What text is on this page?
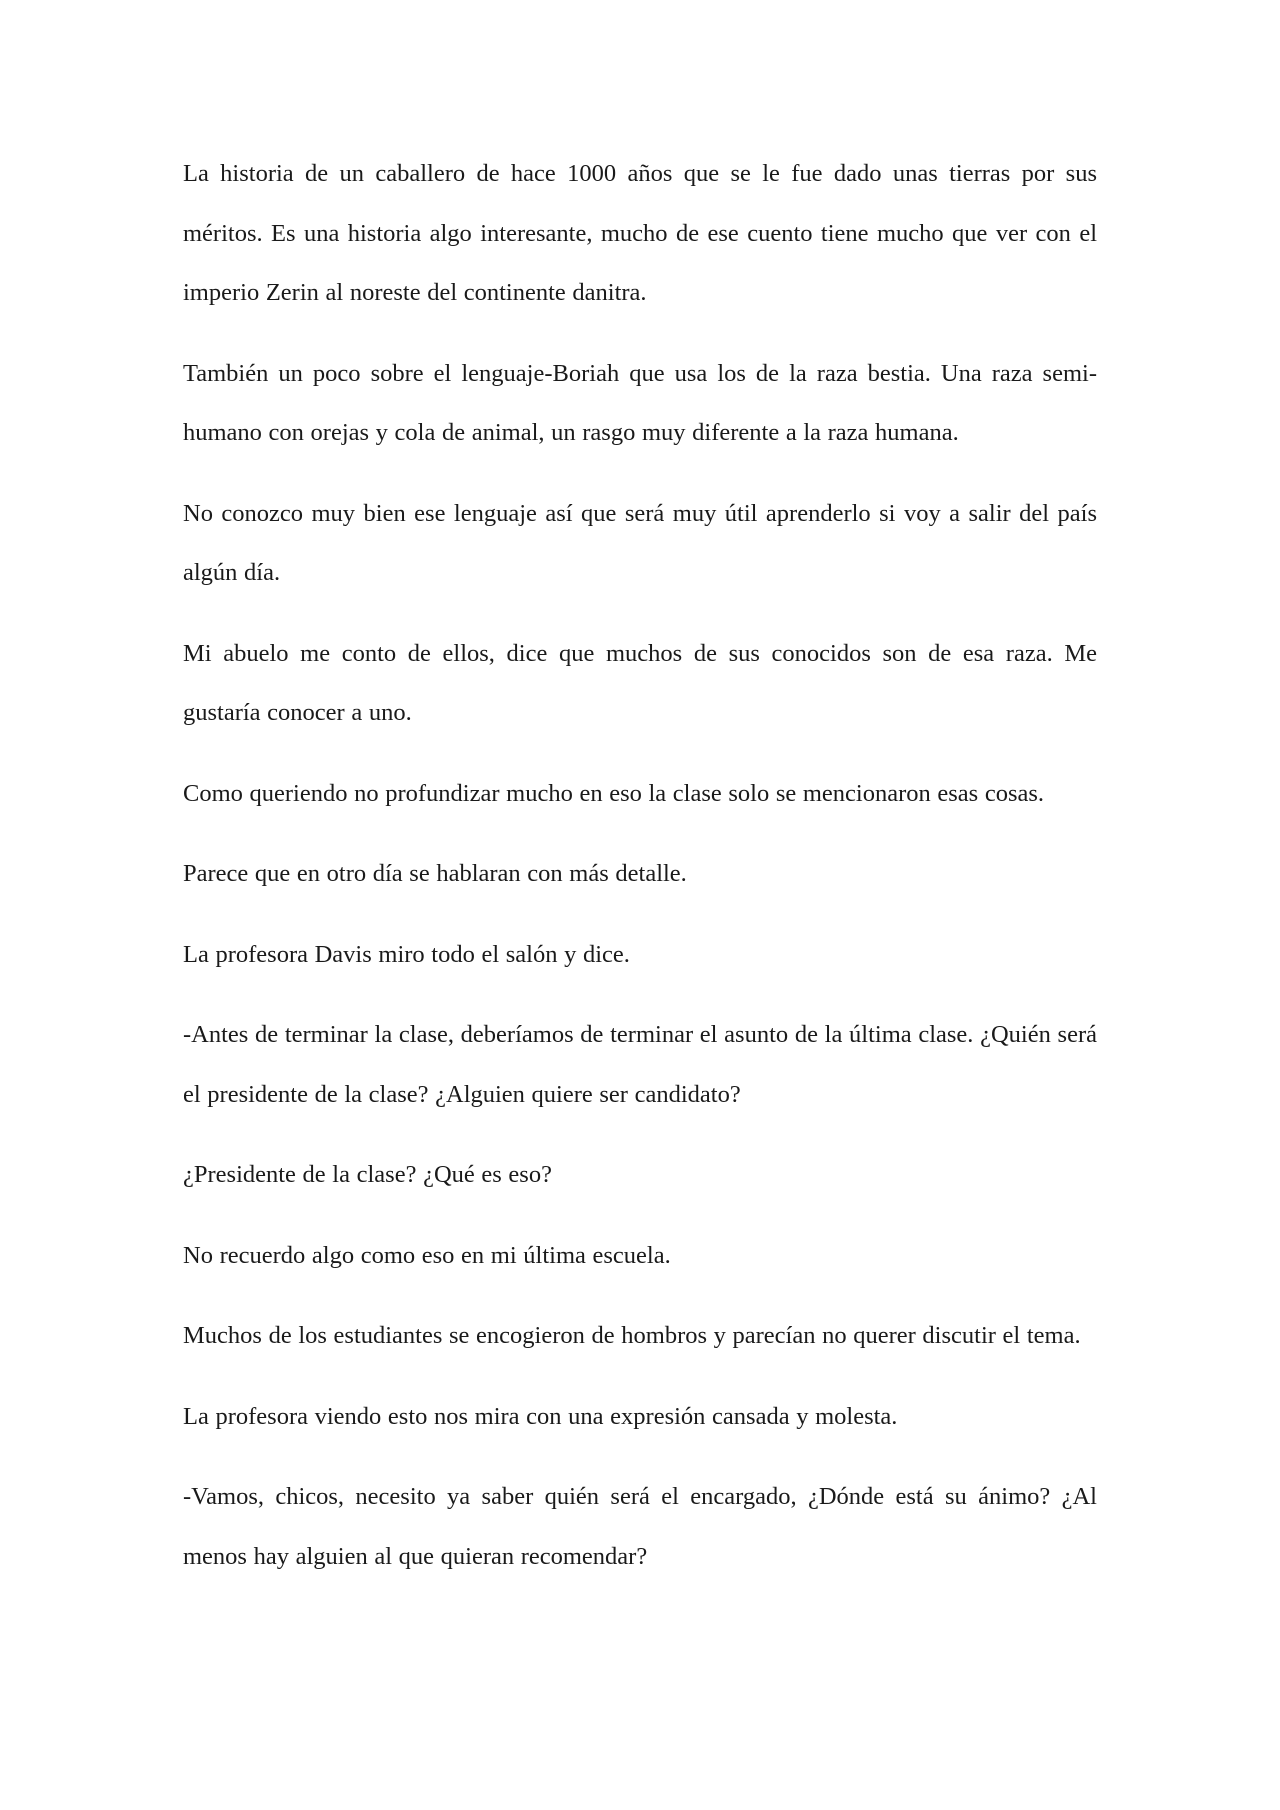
La historia de un caballero de hace 1000 años que se le fue dado unas tierras por sus méritos. Es una historia algo interesante, mucho de ese cuento tiene mucho que ver con el imperio Zerin al noreste del continente danitra.

También un poco sobre el lenguaje-Boriah que usa los de la raza bestia. Una raza semi-humano con orejas y cola de animal, un rasgo muy diferente a la raza humana.

No conozco muy bien ese lenguaje así que será muy útil aprenderlo si voy a salir del país algún día.

Mi abuelo me conto de ellos, dice que muchos de sus conocidos son de esa raza. Me gustaría conocer a uno.

Como queriendo no profundizar mucho en eso la clase solo se mencionaron esas cosas.

Parece que en otro día se hablaran con más detalle.

La profesora Davis miro todo el salón y dice.

-Antes de terminar la clase, deberíamos de terminar el asunto de la última clase. ¿Quién será el presidente de la clase? ¿Alguien quiere ser candidato?

¿Presidente de la clase? ¿Qué es eso?

No recuerdo algo como eso en mi última escuela.

Muchos de los estudiantes se encogieron de hombros y parecían no querer discutir el tema.

La profesora viendo esto nos mira con una expresión cansada y molesta.

-Vamos, chicos, necesito ya saber quién será el encargado, ¿Dónde está su ánimo? ¿Al menos hay alguien al que quieran recomendar?
